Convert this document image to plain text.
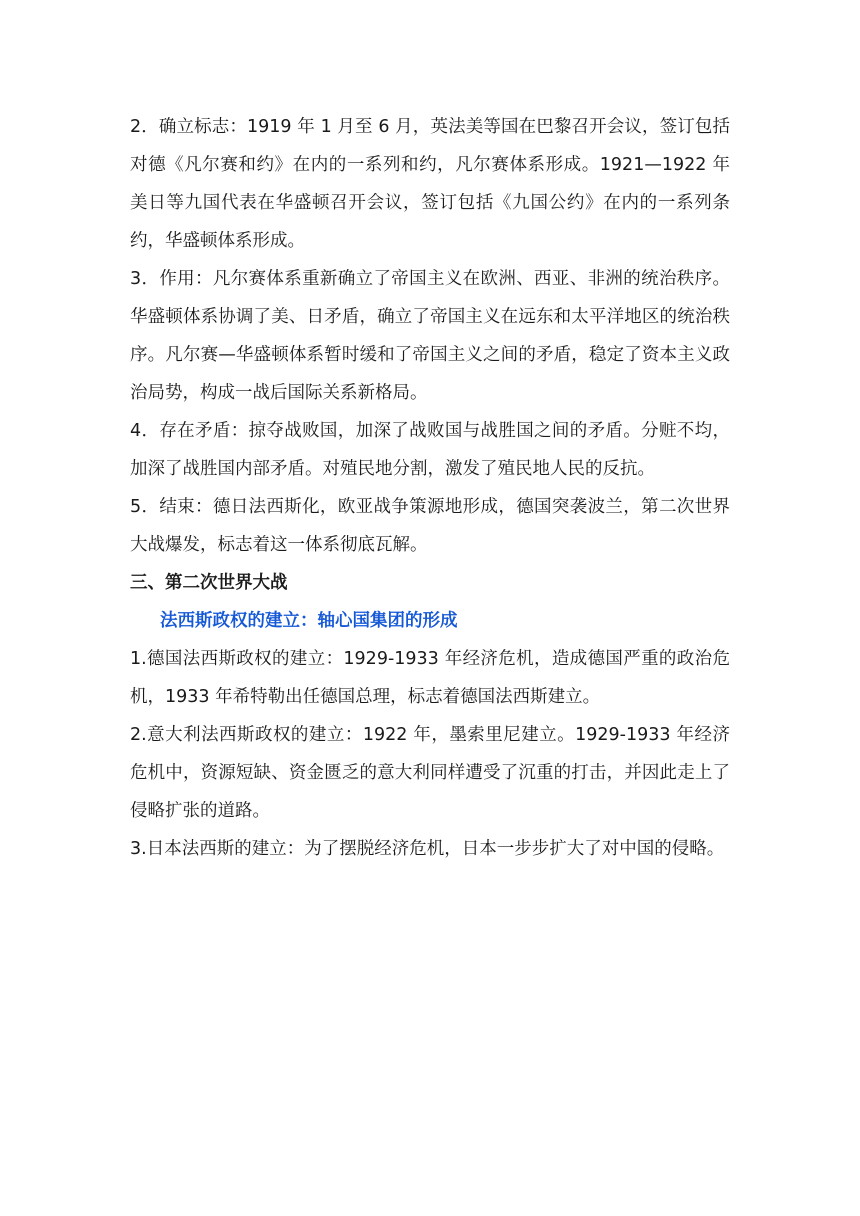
2．确立标志：1919 年 1 月至 6 月，英法美等国在巴黎召开会议，签订包括对德《凡尔赛和约》在内的一系列和约，凡尔赛体系形成。1921—1922 年美日等九国代表在华盛顿召开会议，签订包括《九国公约》在内的一系列条约，华盛顿体系形成。

3．作用：凡尔赛体系重新确立了帝国主义在欧洲、西亚、非洲的统治秩序。华盛顿体系协调了美、日矛盾，确立了帝国主义在远东和太平洋地区的统治秩序。凡尔赛—华盛顿体系暂时缓和了帝国主义之间的矛盾，稳定了资本主义政治局势，构成一战后国际关系新格局。

4．存在矛盾：掠夺战败国，加深了战败国与战胜国之间的矛盾。分赃不均，加深了战胜国内部矛盾。对殖民地分割，激发了殖民地人民的反抗。

5．结束：德日法西斯化，欧亚战争策源地形成，德国突袭波兰，第二次世界大战爆发，标志着这一体系彻底瓦解。

三、第二次世界大战
法西斯政权的建立：轴心国集团的形成

1.德国法西斯政权的建立：1929-1933 年经济危机，造成德国严重的政治危机，1933 年希特勒出任德国总理，标志着德国法西斯建立。

2.意大利法西斯政权的建立：1922 年，墨索里尼建立。1929-1933 年经济危机中，资源短缺、资金匮乏的意大利同样遭受了沉重的打击，并因此走上了侵略扩张的道路。

3.日本法西斯的建立：为了摆脱经济危机，日本一步步扩大了对中国的侵略。
